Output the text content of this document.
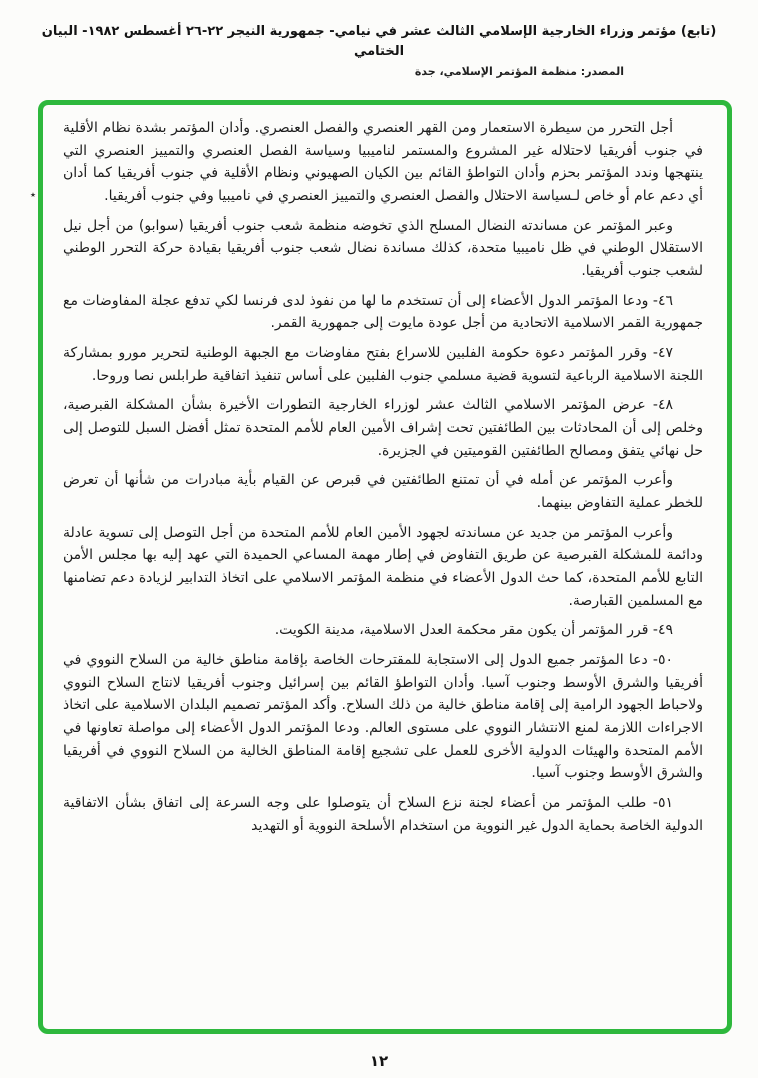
(تابع) مؤتمر وزراء الخارجية الإسلامي الثالث عشر في نيامي- جمهورية النيجر ٢٢-٢٦ أغسطس ١٩٨٢- البيان الختامي
المصدر: منظمة المؤتمر الإسلامي، جدة

أجل التحرر من سيطرة الاستعمار ومن القهر العنصري والفصل العنصري. وأدان المؤتمر بشدة نظام الأقلية في جنوب أفريقيا لاحتلاله غير المشروع والمستمر لناميبيا وسياسة الفصل العنصري والتمييز العنصري التي ينتهجها وندد المؤتمر بحزم وأدان التواطؤ القائم بين الكيان الصهيوني ونظام الأقلية في جنوب أفريقيا كما أدان أي دعم عام أو خاص لـسياسة الاحتلال والفصل العنصري والتمييز العنصري في ناميبيا وفي جنوب أفريقيا.

وعبر المؤتمر عن مساندته النضال المسلح الذي تخوضه منظمة شعب جنوب أفريقيا (سوابو) من أجل نيل الاستقلال الوطني في ظل ناميبيا متحدة، كذلك مساندة نضال شعب جنوب أفريقيا بقيادة حركة التحرر الوطني لشعب جنوب أفريقيا.

٤٦- ودعا المؤتمر الدول الأعضاء إلى أن تستخدم ما لها من نفوذ لدى فرنسا لكي تدفع عجلة المفاوضات مع جمهورية القمر الاسلامية الاتحادية من أجل عودة مايوت إلى جمهورية القمر.

٤٧- وقرر المؤتمر دعوة حكومة الفلبين للاسراع بفتح مفاوضات مع الجبهة الوطنية لتحرير مورو بمشاركة اللجنة الاسلامية الرباعية لتسوية قضية مسلمي جنوب الفلبين على أساس تنفيذ اتفاقية طرابلس نصا وروحا.

٤٨- عرض المؤتمر الاسلامي الثالث عشر لوزراء الخارجية التطورات الأخيرة بشأن المشكلة القبرصية، وخلص إلى أن المحادثات بين الطائفتين تحت إشراف الأمين العام للأمم المتحدة تمثل أفضل السبل للتوصل إلى حل نهائي يتفق ومصالح الطائفتين القوميتين في الجزيرة.

وأعرب المؤتمر عن أمله في أن تمتنع الطائفتين في قبرص عن القيام بأية مبادرات من شأنها أن تعرض للخطر عملية التفاوض بينهما.

وأعرب المؤتمر من جديد عن مساندته لجهود الأمين العام للأمم المتحدة من أجل التوصل إلى تسوية عادلة ودائمة للمشكلة القبرصية عن طريق التفاوض في إطار مهمة المساعي الحميدة التي عهد إليه بها مجلس الأمن التابع للأمم المتحدة، كما حث الدول الأعضاء في منظمة المؤتمر الاسلامي على اتخاذ التدابير لزيادة دعم تضامنها مع المسلمين القبارصة.

٤٩- قرر المؤتمر أن يكون مقر محكمة العدل الاسلامية، مدينة الكويت.

٥٠- دعا المؤتمر جميع الدول إلى الاستجابة للمقترحات الخاصة بإقامة مناطق خالية من السلاح النووي في أفريقيا والشرق الأوسط وجنوب آسيا. وأدان التواطؤ القائم بين إسرائيل وجنوب أفريقيا لانتاج السلاح النووي ولاحباط الجهود الرامية إلى إقامة مناطق خالية من ذلك السلاح. وأكد المؤتمر تصميم البلدان الاسلامية على اتخاذ الاجراءات اللازمة لمنع الانتشار النووي على مستوى العالم. ودعا المؤتمر الدول الأعضاء إلى مواصلة تعاونها في الأمم المتحدة والهيئات الدولية الأخرى للعمل على تشجيع إقامة المناطق الخالية من السلاح النووي في أفريقيا والشرق الأوسط وجنوب آسيا.

٥١- طلب المؤتمر من أعضاء لجنة نزع السلاح أن يتوصلوا على وجه السرعة إلى اتفاق بشأن الاتفاقية الدولية الخاصة بحماية الدول غير النووية من استخدام الأسلحة النووية أو التهديد

٭
١٢
